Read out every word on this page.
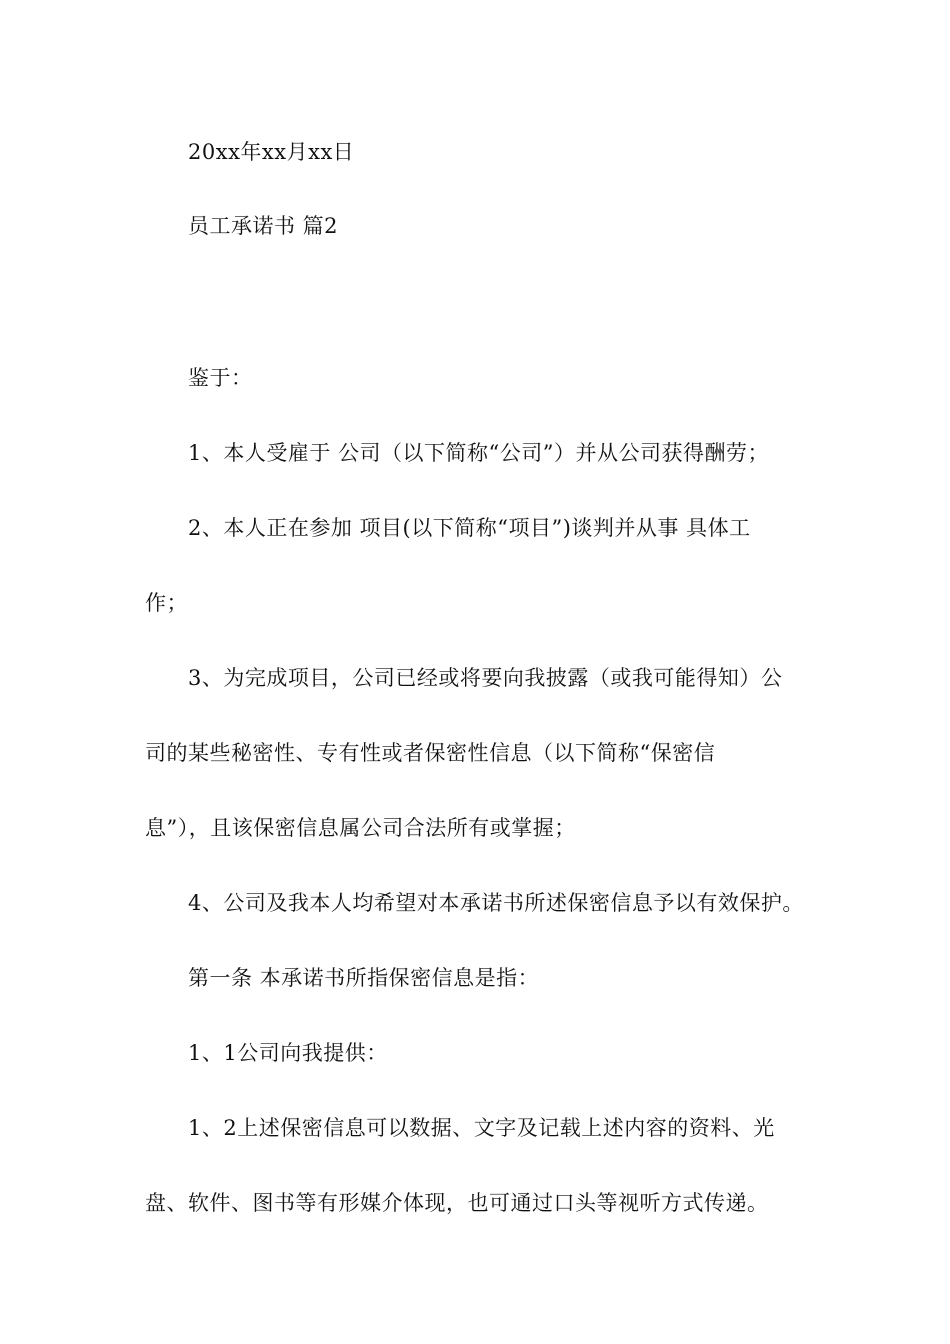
20xx年xx月xx日
员工承诺书 篇2
鉴于：
1、本人受雇于 公司（以下简称“公司”）并从公司获得酬劳；
2、本人正在参加 项目(以下简称“项目”)谈判并从事 具体工
作；
3、为完成项目，公司已经或将要向我披露（或我可能得知）公
司的某些秘密性、专有性或者保密性信息（以下简称“保密信
息”），且该保密信息属公司合法所有或掌握；
4、公司及我本人均希望对本承诺书所述保密信息予以有效保护。
第一条 本承诺书所指保密信息是指：
1、1公司向我提供：
1、2上述保密信息可以数据、文字及记载上述内容的资料、光
盘、软件、图书等有形媒介体现，也可通过口头等视听方式传递。
